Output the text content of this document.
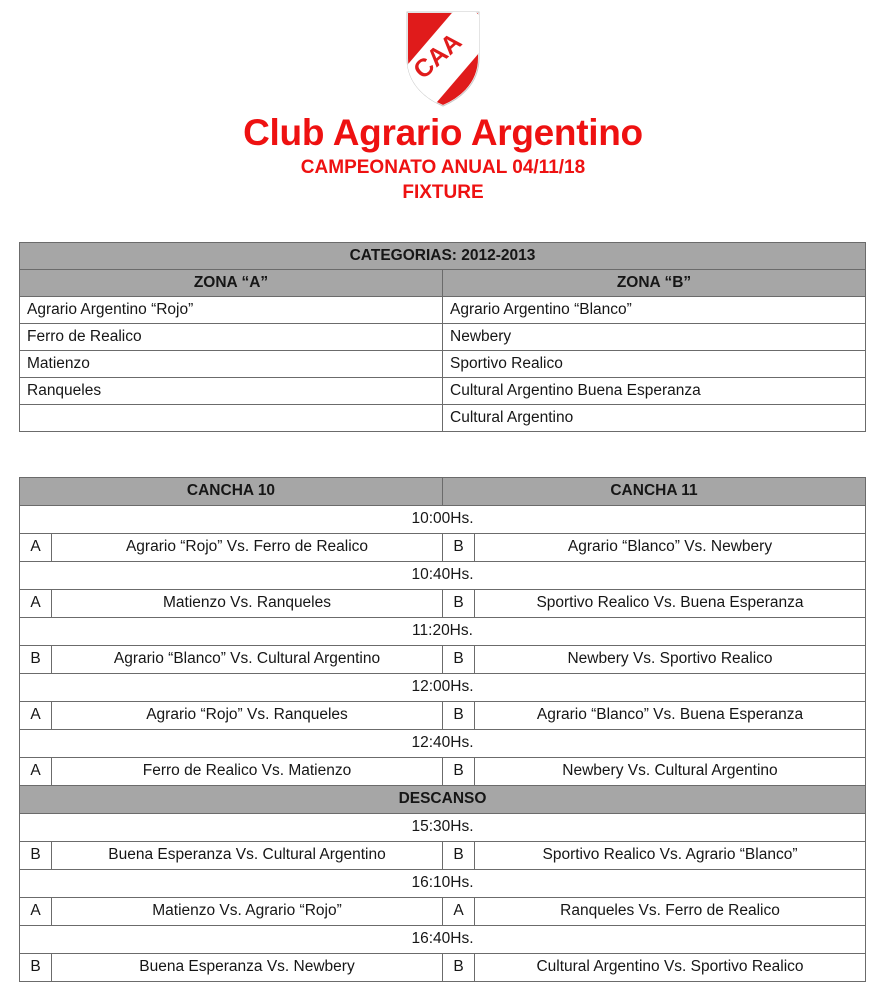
CAA
Club Agrario Argentino
CAMPEONATO ANUAL 04/11/18
FIXTURE
CATEGORIAS: 2012-2013	
ZONA “A”	ZONA “B”
Agrario Argentino “Rojo”	Agrario Argentino “Blanco”
Ferro de Realico	Newbery
Matienzo	Sportivo Realico
Ranqueles	Cultural Argentino Buena Esperanza
	Cultural Argentino
CANCHA 10		CANCHA 11	
10:00Hs.			
A	Agrario “Rojo” Vs. Ferro de Realico	B	Agrario “Blanco” Vs. Newbery
10:40Hs.			
A	Matienzo Vs. Ranqueles	B	Sportivo Realico Vs. Buena Esperanza
11:20Hs.			
B	Agrario “Blanco” Vs. Cultural Argentino	B	Newbery Vs. Sportivo Realico
12:00Hs.			
A	Agrario “Rojo” Vs. Ranqueles	B	Agrario “Blanco” Vs. Buena Esperanza
12:40Hs.			
A	Ferro de Realico Vs. Matienzo	B	Newbery Vs. Cultural Argentino
DESCANSO			
15:30Hs.			
B	Buena Esperanza Vs. Cultural Argentino	B	Sportivo Realico Vs. Agrario “Blanco”
16:10Hs.			
A	Matienzo Vs. Agrario “Rojo”	A	Ranqueles Vs. Ferro de Realico
16:40Hs.			
B	Buena Esperanza Vs. Newbery	B	Cultural Argentino Vs. Sportivo Realico
